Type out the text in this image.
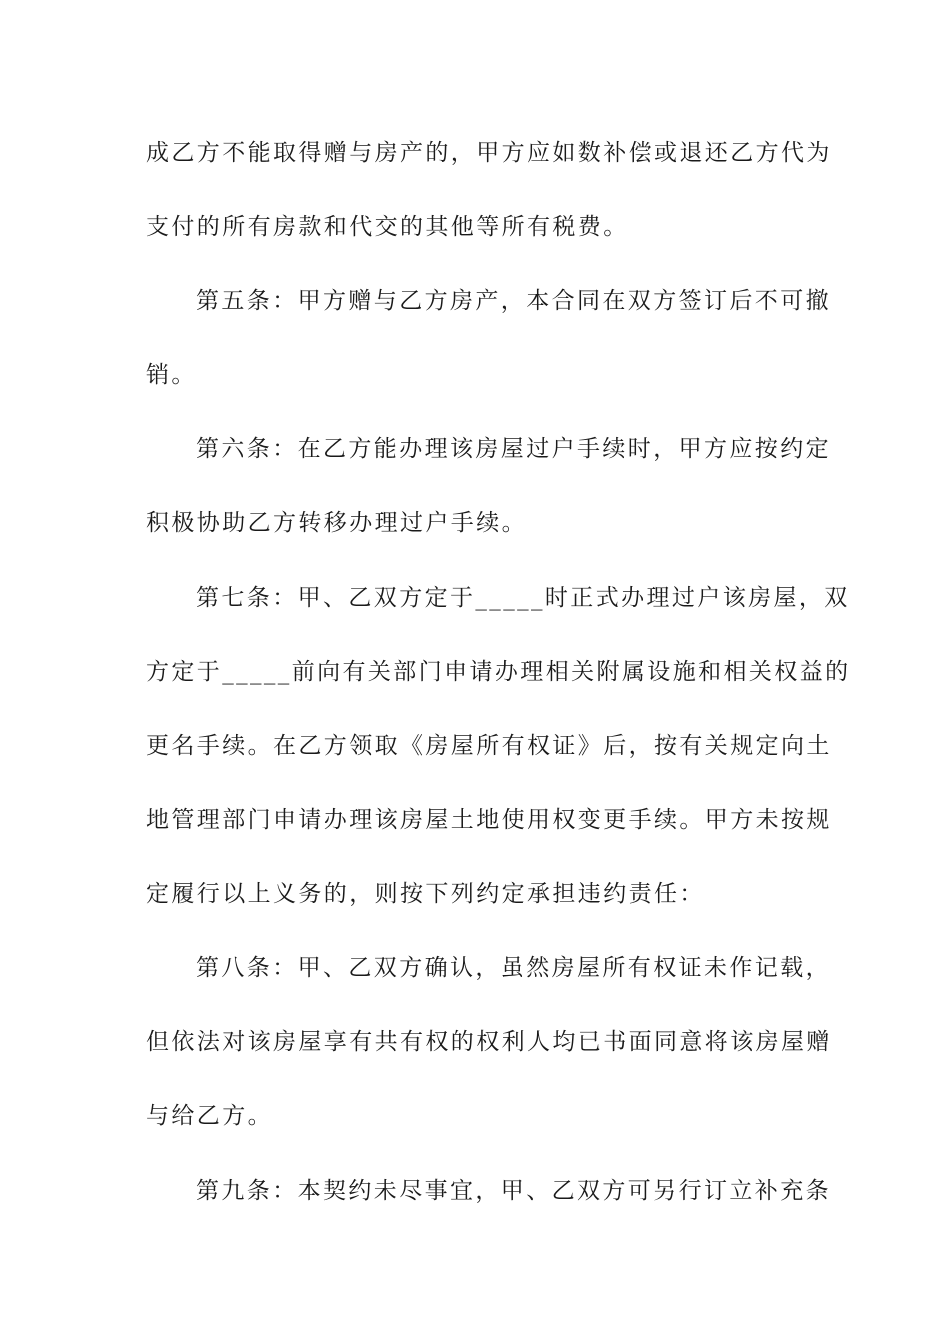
成乙方不能取得赠与房产的，甲方应如数补偿或退还乙方代为
支付的所有房款和代交的其他等所有税费。
第五条：甲方赠与乙方房产，本合同在双方签订后不可撤
销。
第六条：在乙方能办理该房屋过户手续时，甲方应按约定
积极协助乙方转移办理过户手续。
第七条：甲、乙双方定于_____时正式办理过户该房屋，双
方定于_____前向有关部门申请办理相关附属设施和相关权益的
更名手续。在乙方领取《房屋所有权证》后，按有关规定向土
地管理部门申请办理该房屋土地使用权变更手续。甲方未按规
定履行以上义务的，则按下列约定承担违约责任：
第八条：甲、乙双方确认，虽然房屋所有权证未作记载，
但依法对该房屋享有共有权的权利人均已书面同意将该房屋赠
与给乙方。
第九条：本契约未尽事宜，甲、乙双方可另行订立补充条
